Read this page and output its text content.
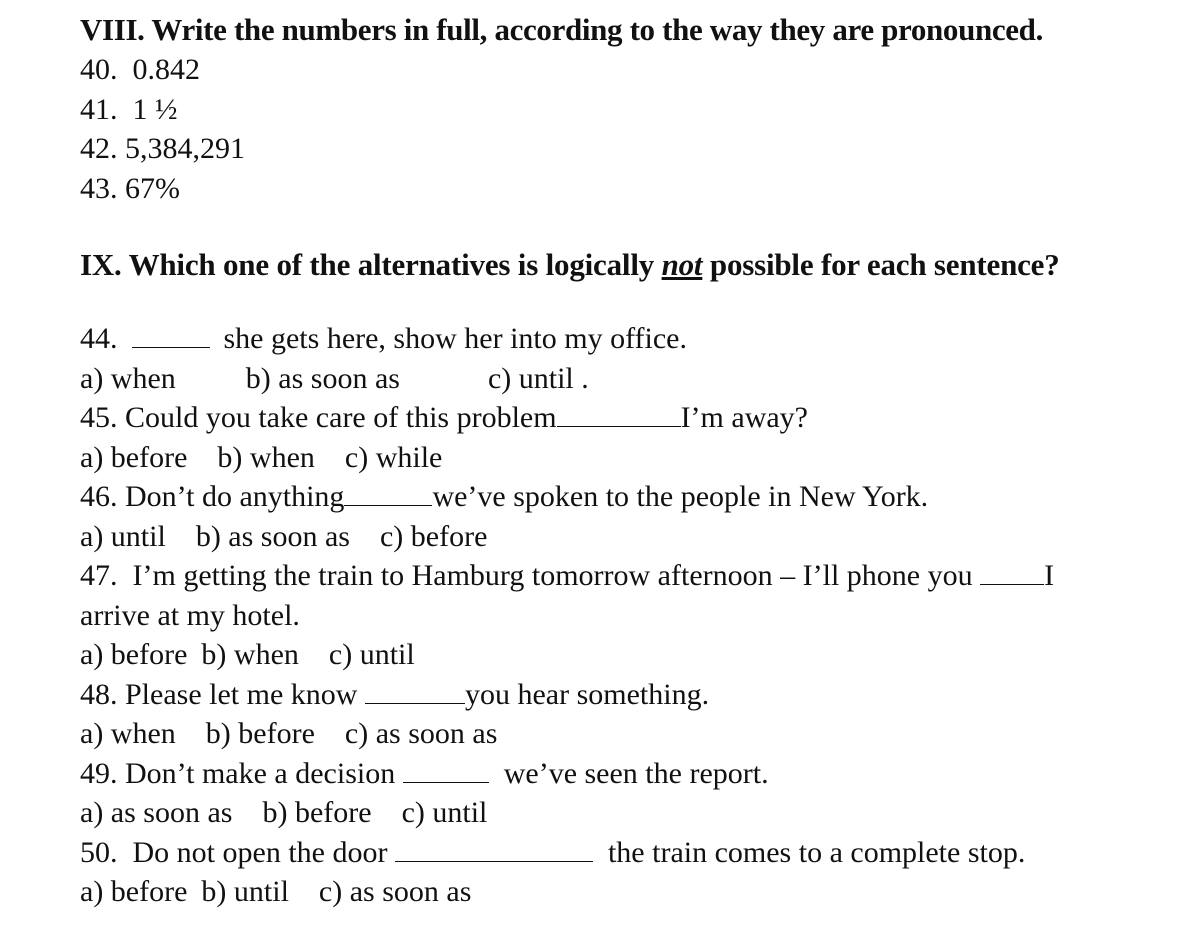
VIII. Write the numbers in full, according to the way they are pronounced.
40. 0.842
41. 1 ½
42. 5,384,291
43. 67%
IX. Which one of the alternatives is logically not possible for each sentence?
44.	she gets here, show her into my office.
a) when b) as soon as	c) until .
45. Could you take care of this problem	I’m away?
a) before b) when c) while
46. Don’t do anything	we’ve spoken to the people in New York.
a) until b) as soon as c) before
47.  I’m getting the train to Hamburg tomorrow afternoon – I’ll phone you I
arrive at my hotel.
a) before b) when c) until
48. Please let me know	you hear something.
a) when b) before c) as soon as
49. Don’t make a decision	we’ve seen the report.
a) as soon as b) before c) until
50.  Do not open the door	the train comes to a complete stop.
a) before b) until c) as soon as
